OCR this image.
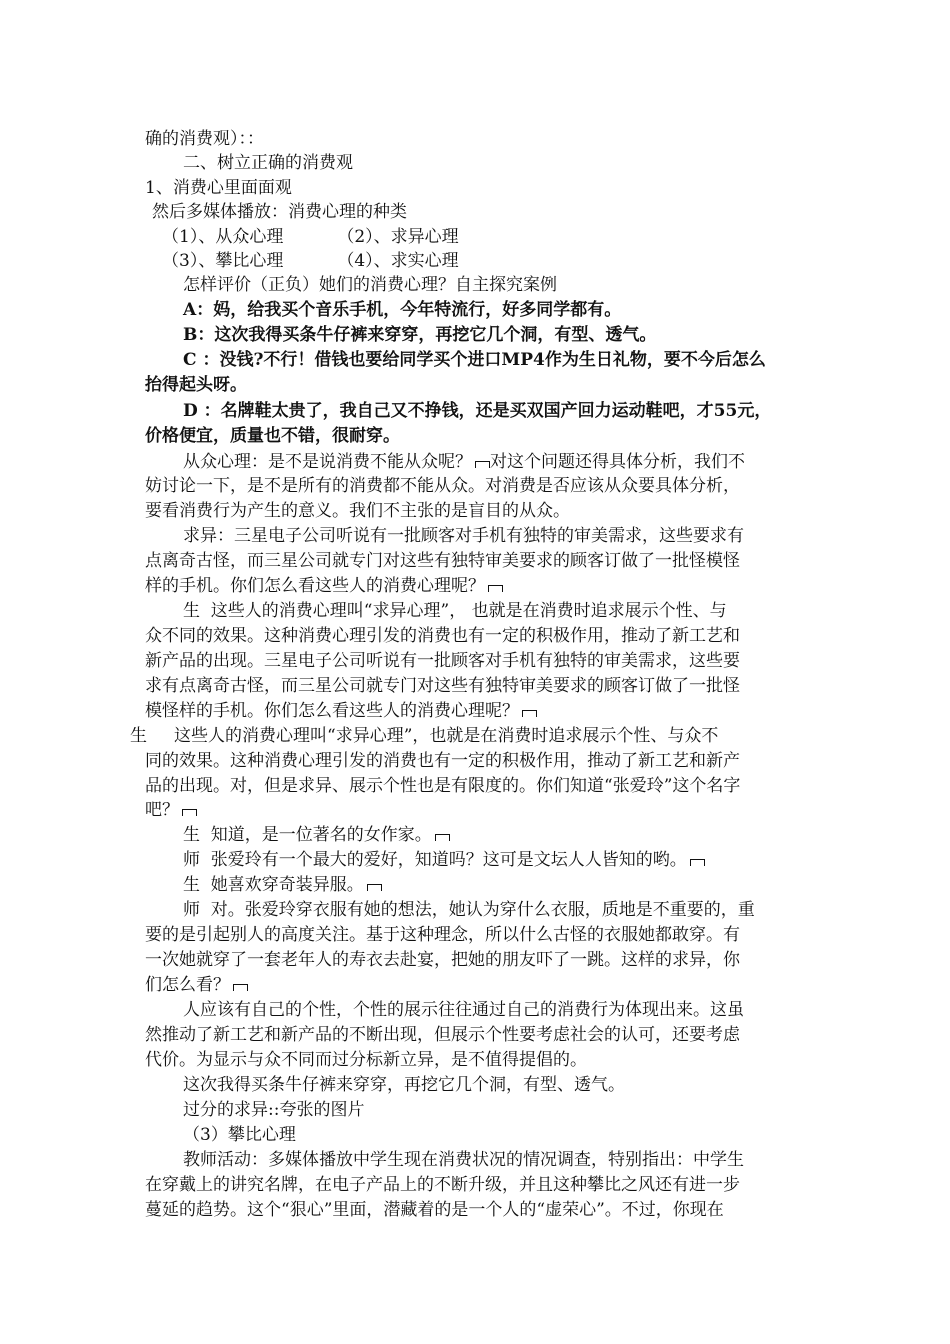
确的消费观）：：
二、树立正确的消费观
1、消费心里面面观
然后多媒体播放：消费心理的种类
（1）、从众心理          （2）、求异心理
（3）、攀比心理          （4）、求实心理
怎样评价（正负）她们的消费心理？自主探究案例
A：妈，给我买个音乐手机，今年特流行，好多同学都有。
B：这次我得买条牛仔裤来穿穿，再挖它几个洞，有型、透气。
C ：没钱?不行！借钱也要给同学买个进口MP4作为生日礼物，要不今后怎么
抬得起头呀。
D ：名牌鞋太贵了，我自己又不挣钱，还是买双国产回力运动鞋吧，才55元，
价格便宜，质量也不错，很耐穿。
从众心理：是不是说消费不能从众呢？ 对这个问题还得具体分析，我们不
妨讨论一下，是不是所有的消费都不能从众。对消费是否应该从众要具体分析，
要看消费行为产生的意义。我们不主张的是盲目的从众。
求异：三星电子公司听说有一批顾客对手机有独特的审美需求，这些要求有
点离奇古怪，而三星公司就专门对这些有独特审美要求的顾客订做了一批怪模怪
样的手机。你们怎么看这些人的消费心理呢？
生  这些人的消费心理叫“求异心理”， 也就是在消费时追求展示个性、与
众不同的效果。这种消费心理引发的消费也有一定的积极作用，推动了新工艺和
新产品的出现。三星电子公司听说有一批顾客对手机有独特的审美需求，这些要
求有点离奇古怪，而三星公司就专门对这些有独特审美要求的顾客订做了一批怪
模怪样的手机。你们怎么看这些人的消费心理呢？
生     这些人的消费心理叫“求异心理”，也就是在消费时追求展示个性、与众不
同的效果。这种消费心理引发的消费也有一定的积极作用，推动了新工艺和新产
品的出现。对，但是求异、展示个性也是有限度的。你们知道“张爱玲”这个名字
吧？
生  知道，是一位著名的女作家。
师  张爱玲有一个最大的爱好，知道吗？这可是文坛人人皆知的哟。
生  她喜欢穿奇装异服。
师  对。张爱玲穿衣服有她的想法，她认为穿什么衣服，质地是不重要的，重
要的是引起别人的高度关注。基于这种理念，所以什么古怪的衣服她都敢穿。有
一次她就穿了一套老年人的寿衣去赴宴，把她的朋友吓了一跳。这样的求异，你
们怎么看？
人应该有自己的个性，个性的展示往往通过自己的消费行为体现出来。这虽
然推动了新工艺和新产品的不断出现，但展示个性要考虑社会的认可，还要考虑
代价。为显示与众不同而过分标新立异，是不值得提倡的。
这次我得买条牛仔裤来穿穿，再挖它几个洞，有型、透气。
过分的求异::夸张的图片
（3）攀比心理
教师活动：多媒体播放中学生现在消费状况的情况调查，特别指出：中学生
在穿戴上的讲究名牌，在电子产品上的不断升级，并且这种攀比之风还有进一步
蔓延的趋势。这个“狠心”里面，潜藏着的是一个人的“虚荣心”。不过，你现在
